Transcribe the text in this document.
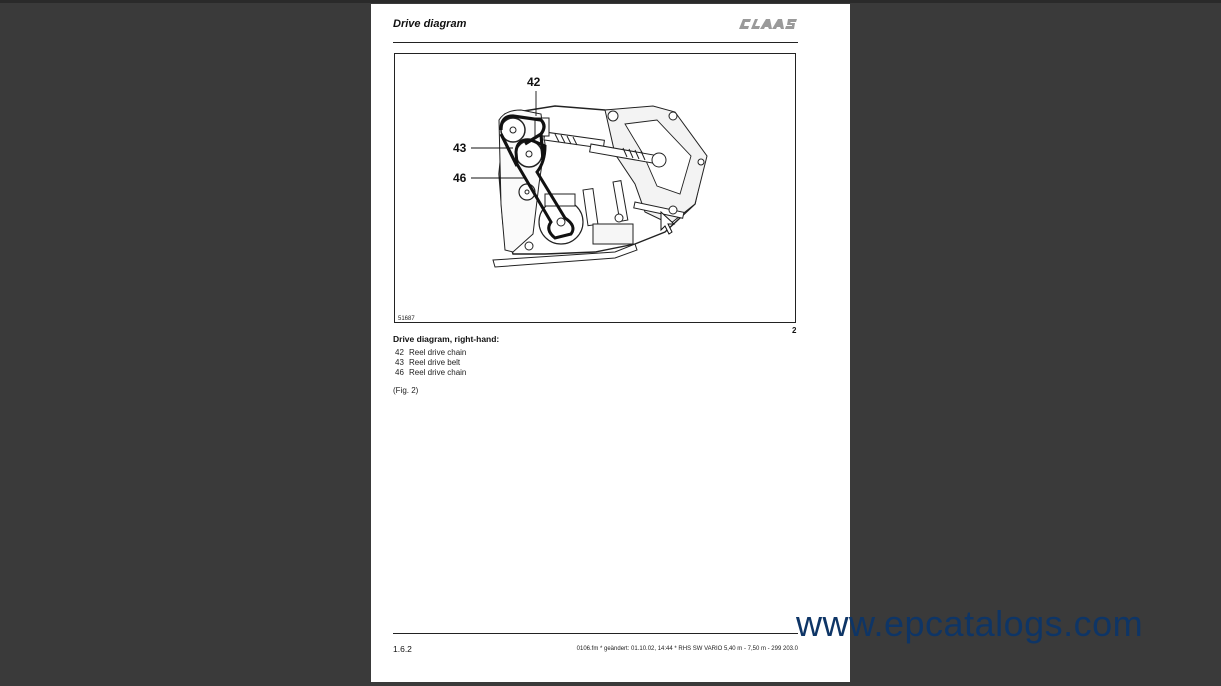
Drive diagram
42
43
46
51687
2
Drive diagram, right-hand:
42 Reel drive chain
43 Reel drive belt
46 Reel drive chain
(Fig. 2)
1.6.2	0106.fm * geändert: 01.10.02, 14:44 * RHS SW VARIO 5,40 m - 7,50 m - 299 203.0
www.epcatalogs.com
